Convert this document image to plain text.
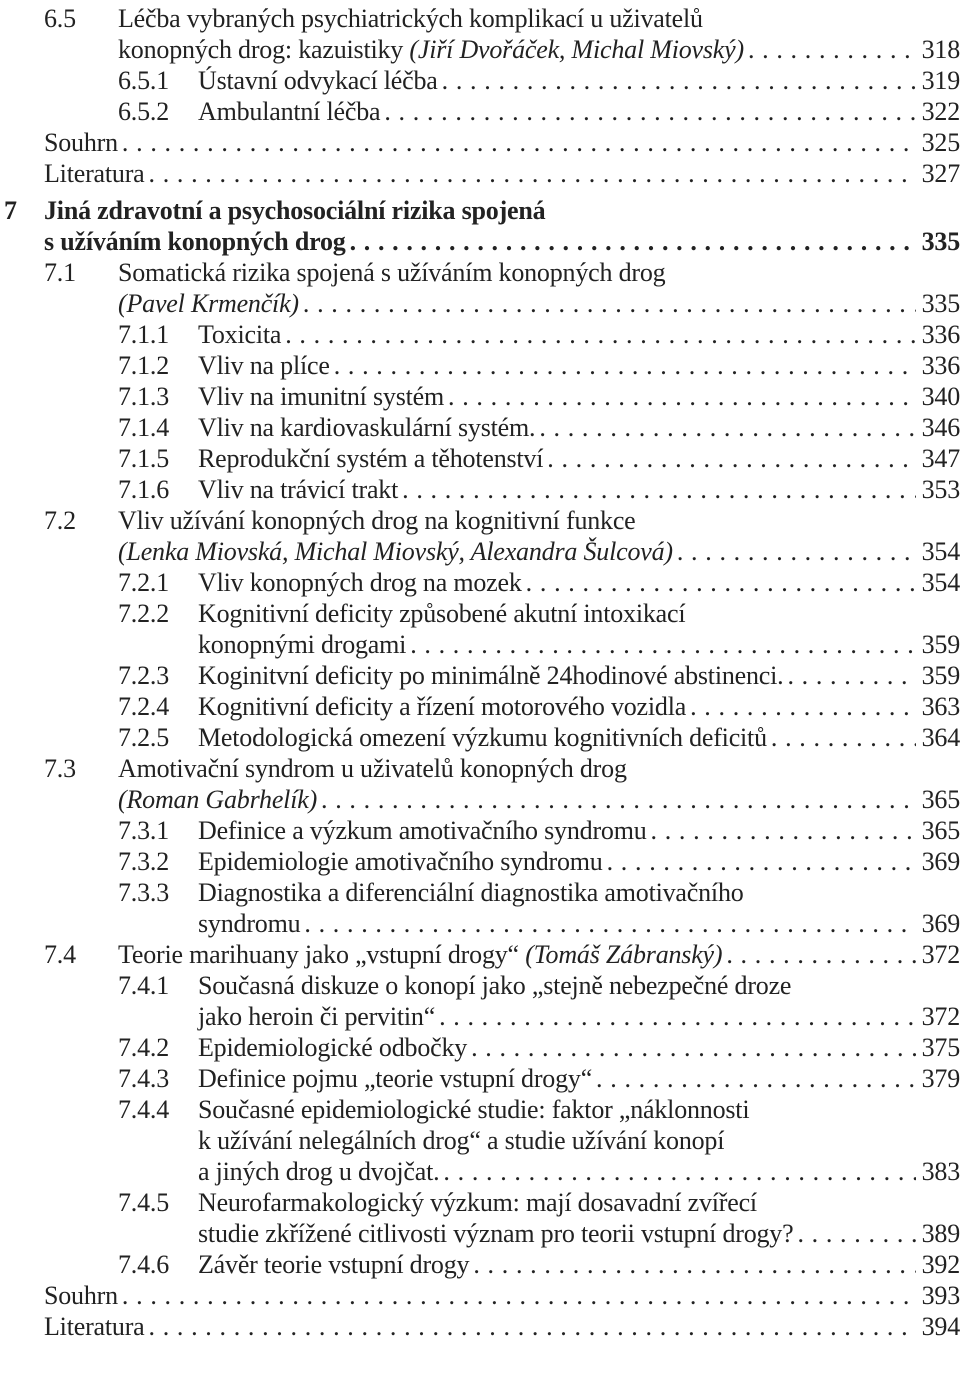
6.5 Léčba vybraných psychiatrických komplikací u uživatelů
konopných drog: kazuistiky (Jiří Dvořáček, Michal Miovský) . . .	318
6.5.1 Ústavní odvykací léčba . . .	319
6.5.2 Ambulantní léčba . . .	322
Souhrn . . .	325
Literatura . . .	327
7 Jiná zdravotní a psychosociální rizika spojená
s užíváním konopných drog . . .	335
7.1 Somatická rizika spojená s užíváním konopných drog
(Pavel Krmenčík) . . .	335
7.1.1 Toxicita . . .	336
7.1.2 Vliv na plíce . . .	336
7.1.3 Vliv na imunitní systém . . .	340
7.1.4 Vliv na kardiovaskulární systém. . . .	346
7.1.5 Reprodukční systém a těhotenství . . .	347
7.1.6 Vliv na trávicí trakt . . .	353
7.2 Vliv užívání konopných drog na kognitivní funkce
(Lenka Miovská, Michal Miovský, Alexandra Šulcová) . . .	354
7.2.1 Vliv konopných drog na mozek . . .	354
7.2.2 Kognitivní deficity způsobené akutní intoxikací
konopnými drogami . . .	359
7.2.3 Koginitvní deficity po minimálně 24hodinové abstinenci. . . .	359
7.2.4 Kognitivní deficity a řízení motorového vozidla . . .	363
7.2.5 Metodologická omezení výzkumu kognitivních deficitů . . .	364
7.3 Amotivační syndrom u uživatelů konopných drog
(Roman Gabrhelík) . . .	365
7.3.1 Definice a výzkum amotivačního syndromu . . .	365
7.3.2 Epidemiologie amotivačního syndromu . . .	369
7.3.3 Diagnostika a diferenciální diagnostika amotivačního
syndromu . . .	369
7.4 Teorie marihuany jako „vstupní drogy“ (Tomáš Zábranský) . . .	372
7.4.1 Současná diskuze o konopí jako „stejně nebezpečné droze
jako heroin či pervitin“ . . .	372
7.4.2 Epidemiologické odbočky . . .	375
7.4.3 Definice pojmu „teorie vstupní drogy“ . . .	379
7.4.4 Současné epidemiologické studie: faktor „náklonnosti
k užívání nelegálních drog“ a studie užívání konopí
a jiných drog u dvojčat. . . .	383
7.4.5 Neurofarmakologický výzkum: mají dosavadní zvířecí
studie zkřížené citlivosti význam pro teorii vstupní drogy? . . .	389
7.4.6 Závěr teorie vstupní drogy . . .	392
Souhrn . . .	393
Literatura . . .	394
